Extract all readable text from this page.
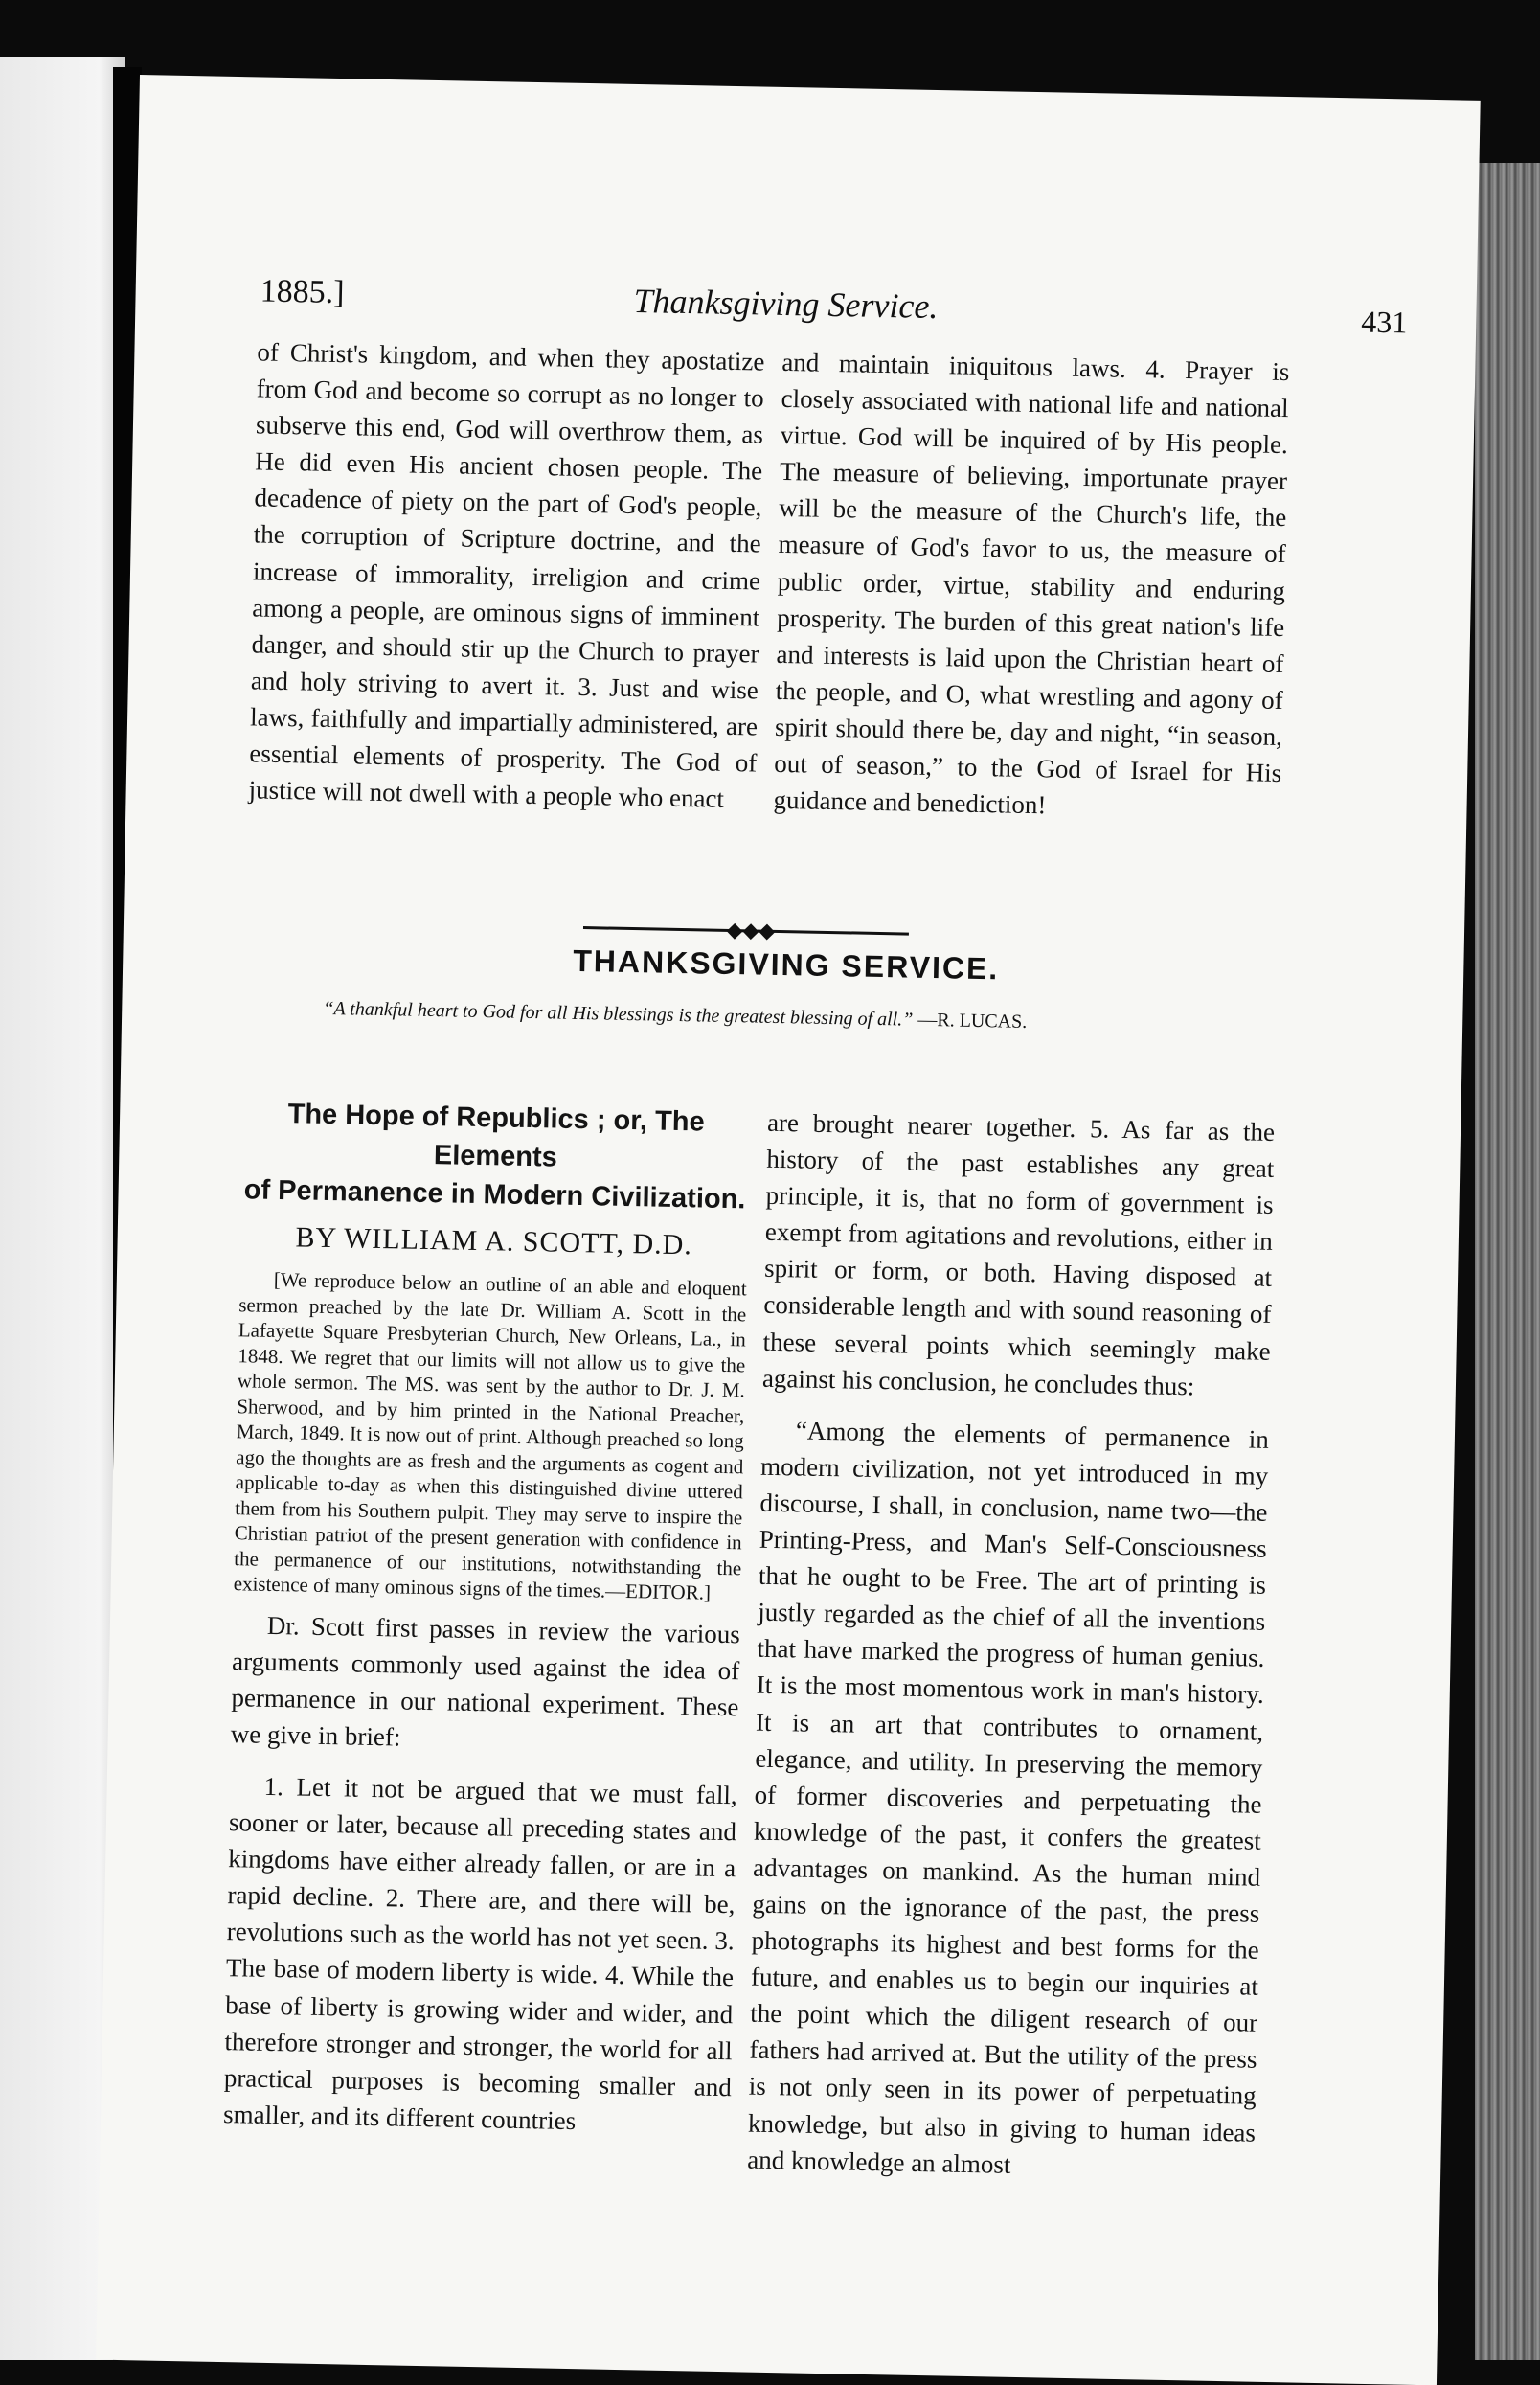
1885.]	Thanksgiving Service.	431

of Christ's kingdom, and when they apostatize from God and become so corrupt as no longer to subserve this end, God will overthrow them, as He did even His ancient chosen people. The decadence of piety on the part of God's people, the corruption of Scripture doctrine, and the increase of immorality, irreligion and crime among a people, are ominous signs of imminent danger, and should stir up the Church to prayer and holy striving to avert it. 3. Just and wise laws, faithfully and impartially administered, are essential elements of prosperity. The God of justice will not dwell with a people who enact

and maintain iniquitous laws. 4. Prayer is closely associated with national life and national virtue. God will be inquired of by His people. The measure of believing, importunate prayer will be the measure of the Church's life, the measure of God's favor to us, the measure of public order, virtue, stability and enduring prosperity. The burden of this great nation's life and interests is laid upon the Christian heart of the people, and O, what wrestling and agony of spirit should there be, day and night, “in season, out of season,” to the God of Israel for His guidance and benediction!

◆◆◆
THANKSGIVING SERVICE.
“A thankful heart to God for all His blessings is the greatest blessing of all.” —R. LUCAS.

The Hope of Republics ; or, The Elements

of Permanence in Modern Civilization.

BY WILLIAM A. SCOTT, D.D.

[We reproduce below an outline of an able and eloquent sermon preached by the late Dr. William A. Scott in the Lafayette Square Presbyterian Church, New Orleans, La., in 1848. We regret that our limits will not allow us to give the whole sermon. The MS. was sent by the author to Dr. J. M. Sherwood, and by him printed in the National Preacher, March, 1849. It is now out of print. Although preached so long ago the thoughts are as fresh and the arguments as cogent and applicable to-day as when this distinguished divine uttered them from his Southern pulpit. They may serve to inspire the Christian patriot of the present generation with confidence in the permanence of our institutions, notwithstanding the existence of many ominous signs of the times.—EDITOR.]

Dr. Scott first passes in review the various arguments commonly used against the idea of permanence in our national experiment. These we give in brief:

1. Let it not be argued that we must fall, sooner or later, because all preceding states and kingdoms have either already fallen, or are in a rapid decline. 2. There are, and there will be, revolutions such as the world has not yet seen. 3. The base of modern liberty is wide. 4. While the base of liberty is growing wider and wider, and therefore stronger and stronger, the world for all practical purposes is becoming smaller and smaller, and its different countries

are brought nearer together. 5. As far as the history of the past establishes any great principle, it is, that no form of government is exempt from agitations and revolutions, either in spirit or form, or both. Having disposed at considerable length and with sound reasoning of these several points which seemingly make against his conclusion, he concludes thus:

“Among the elements of permanence in modern civilization, not yet introduced in my discourse, I shall, in conclusion, name two—the Printing-Press, and Man's Self-Consciousness that he ought to be Free. The art of printing is justly regarded as the chief of all the inventions that have marked the progress of human genius. It is the most momentous work in man's history. It is an art that contributes to ornament, elegance, and utility. In preserving the memory of former discoveries and perpetuating the knowledge of the past, it confers the greatest advantages on mankind. As the human mind gains on the ignorance of the past, the press photographs its highest and best forms for the future, and enables us to begin our inquiries at the point which the diligent research of our fathers had arrived at. But the utility of the press is not only seen in its power of perpetuating knowledge, but also in giving to human ideas and knowledge an almost
